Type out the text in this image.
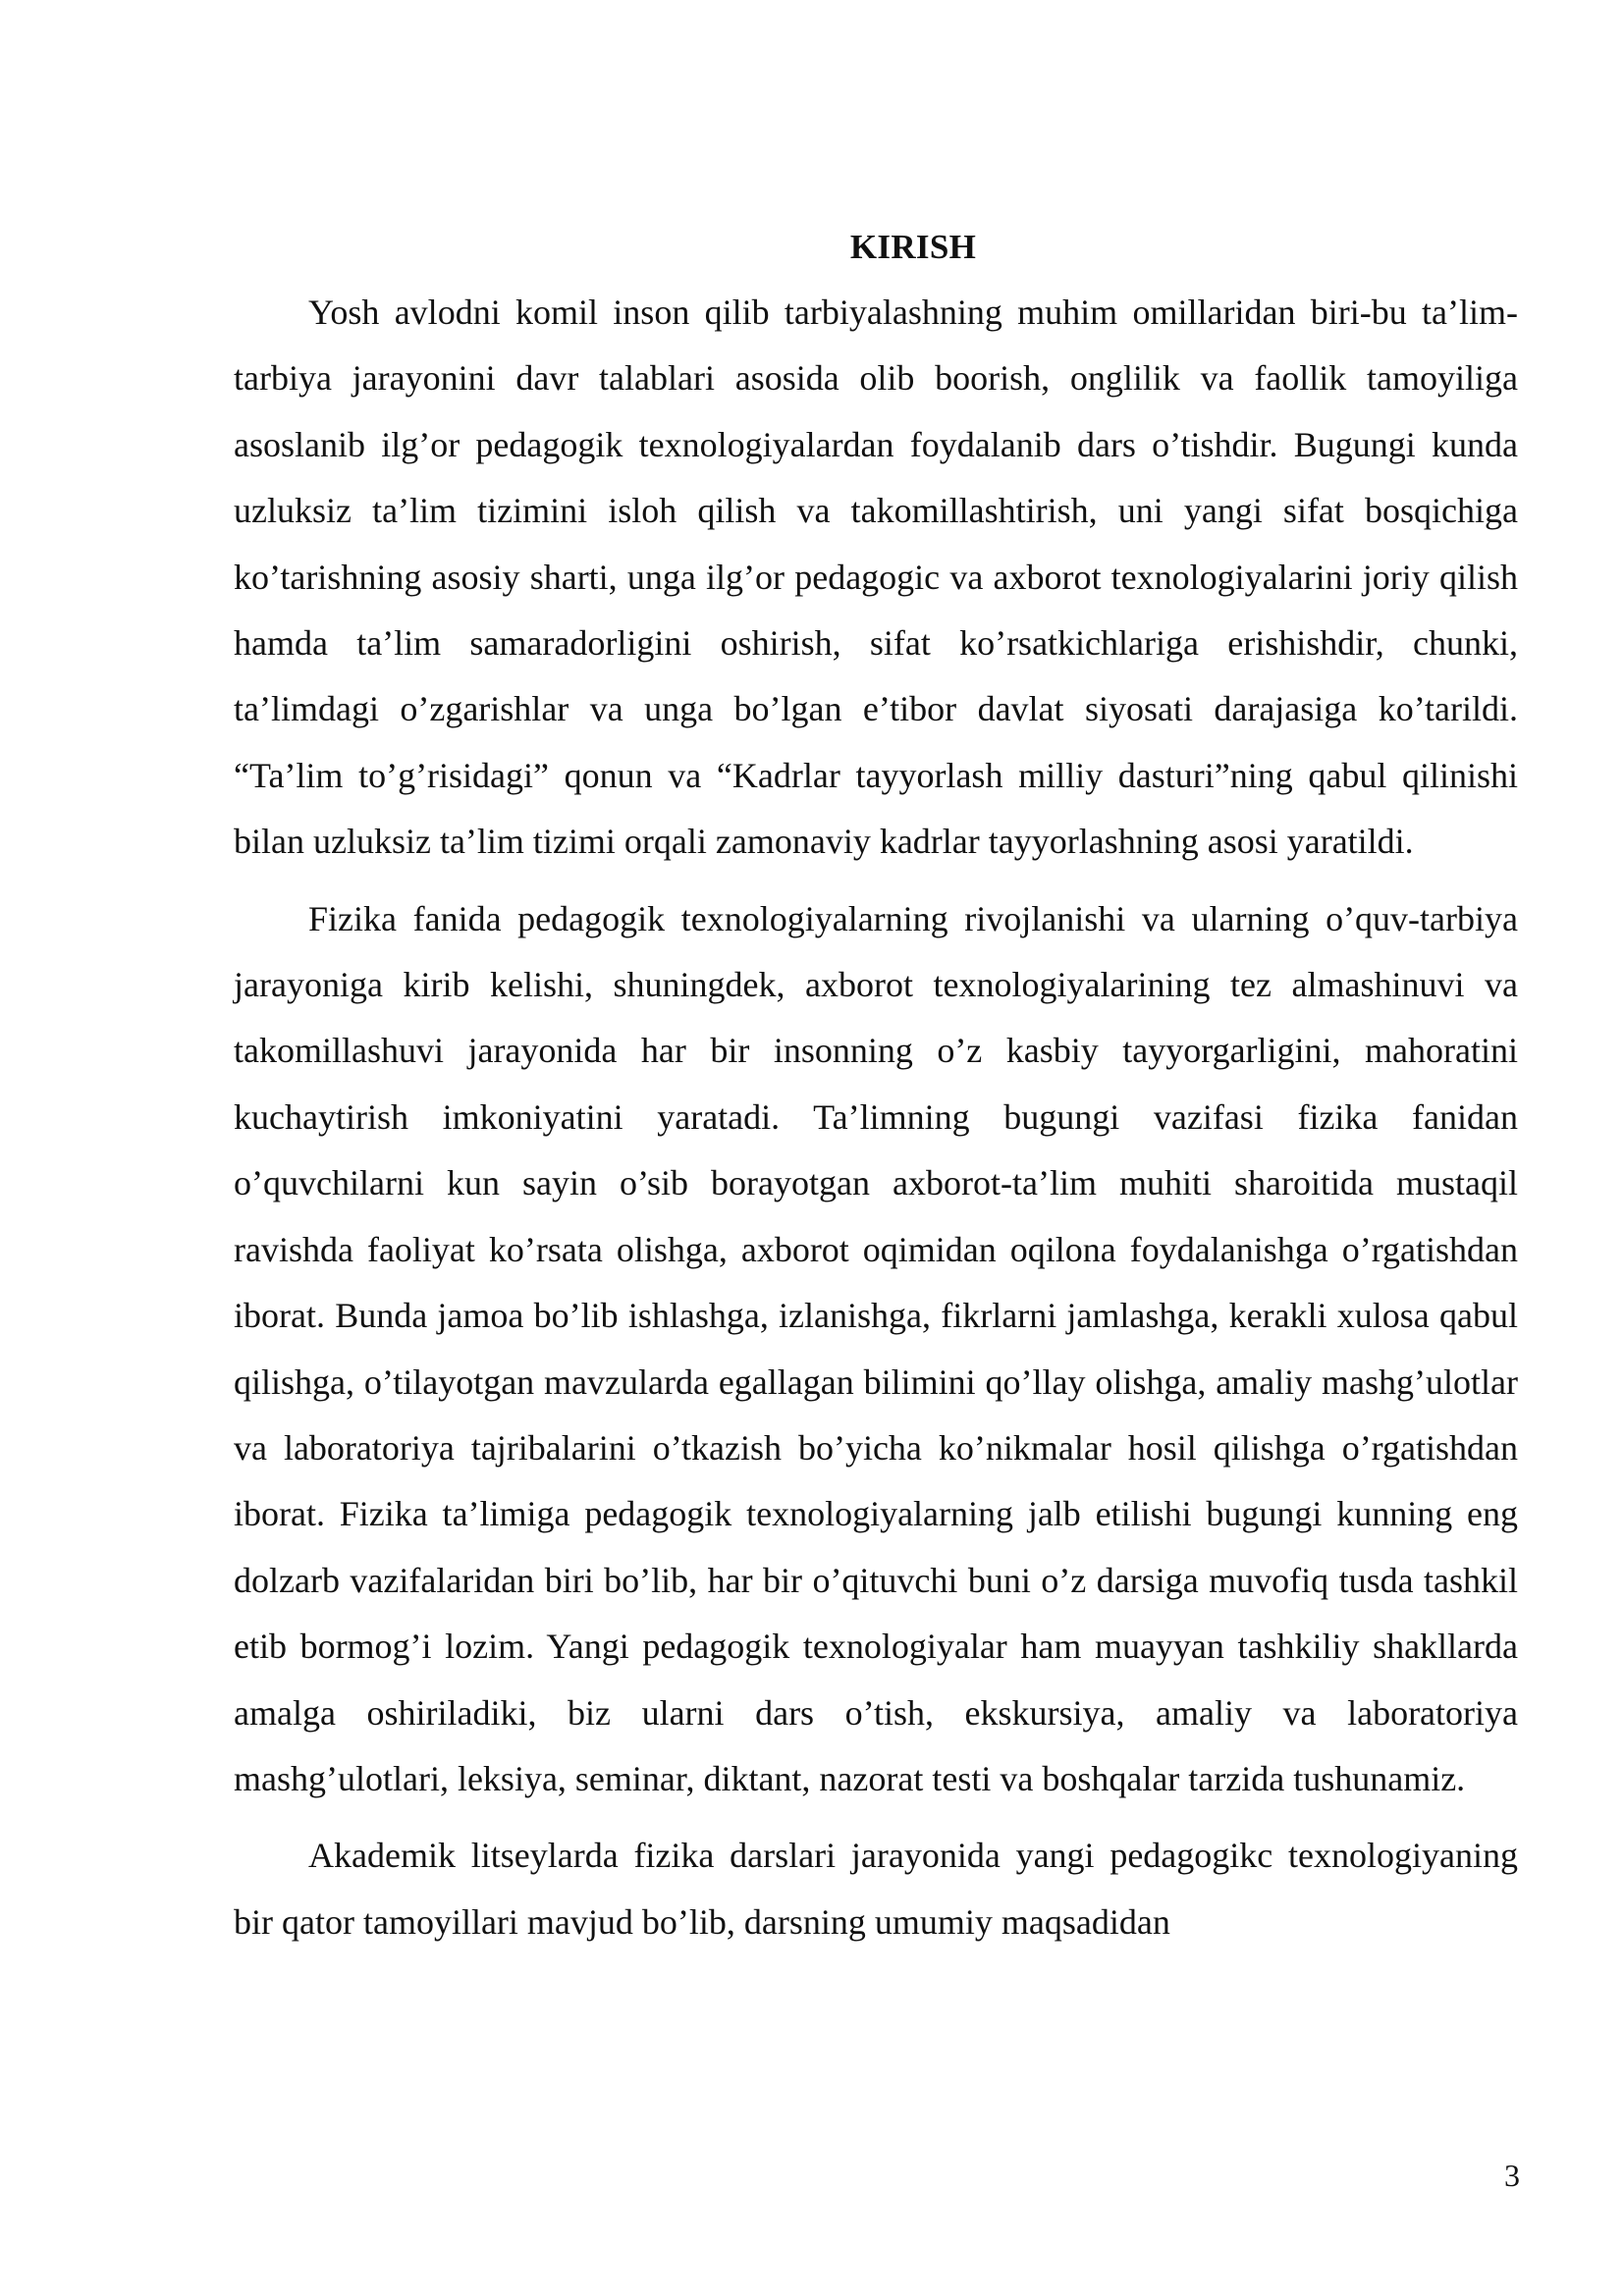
KIRISH

Yosh avlodni komil inson qilib tarbiyalashning muhim omillaridan biri-bu ta’lim-tarbiya jarayonini davr talablari asosida olib boorish, onglilik va faollik tamoyiliga asoslanib ilg’or pedagogik texnologiyalardan foydalanib dars o’tishdir. Bugungi kunda uzluksiz ta’lim tizimini isloh qilish va takomillashtirish, uni yangi sifat bosqichiga ko’tarishning asosiy sharti, unga ilg’or pedagogic va axborot texnologiyalarini joriy qilish hamda ta’lim samaradorligini oshirish, sifat ko’rsatkichlariga erishishdir, chunki, ta’limdagi o’zgarishlar va unga bo’lgan e’tibor davlat siyosati darajasiga ko’tarildi. “Ta’lim to’g’risidagi” qonun va “Kadrlar tayyorlash milliy dasturi”ning qabul qilinishi bilan uzluksiz ta’lim tizimi orqali zamonaviy kadrlar tayyorlashning asosi yaratildi.

Fizika fanida pedagogik texnologiyalarning rivojlanishi va ularning o’quv-tarbiya jarayoniga kirib kelishi, shuningdek, axborot texnologiyalarining tez almashinuvi va takomillashuvi jarayonida har bir insonning o’z kasbiy tayyorgarligini, mahoratini kuchaytirish imkoniyatini yaratadi. Ta’limning bugungi vazifasi fizika fanidan o’quvchilarni kun sayin o’sib borayotgan axborot-ta’lim muhiti sharoitida mustaqil ravishda faoliyat ko’rsata olishga, axborot oqimidan oqilona foydalanishga o’rgatishdan iborat. Bunda jamoa bo’lib ishlashga, izlanishga, fikrlarni jamlashga, kerakli xulosa qabul qilishga, o’tilayotgan mavzularda egallagan bilimini qo’llay olishga, amaliy mashg’ulotlar va laboratoriya tajribalarini o’tkazish bo’yicha ko’nikmalar hosil qilishga o’rgatishdan iborat. Fizika ta’limiga pedagogik texnologiyalarning jalb etilishi bugungi kunning eng dolzarb vazifalaridan biri bo’lib, har bir o’qituvchi buni o’z darsiga muvofiq tusda tashkil etib bormog’i lozim. Yangi pedagogik texnologiyalar ham muayyan tashkiliy shakllarda amalga oshiriladiki, biz ularni dars o’tish, ekskursiya, amaliy va laboratoriya mashg’ulotlari, leksiya, seminar, diktant, nazorat testi va boshqalar tarzida tushunamiz.

Akademik litseylarda fizika darslari jarayonida yangi pedagogikc texnologiyaning bir qator tamoyillari mavjud bo’lib, darsning umumiy maqsadidan

3
